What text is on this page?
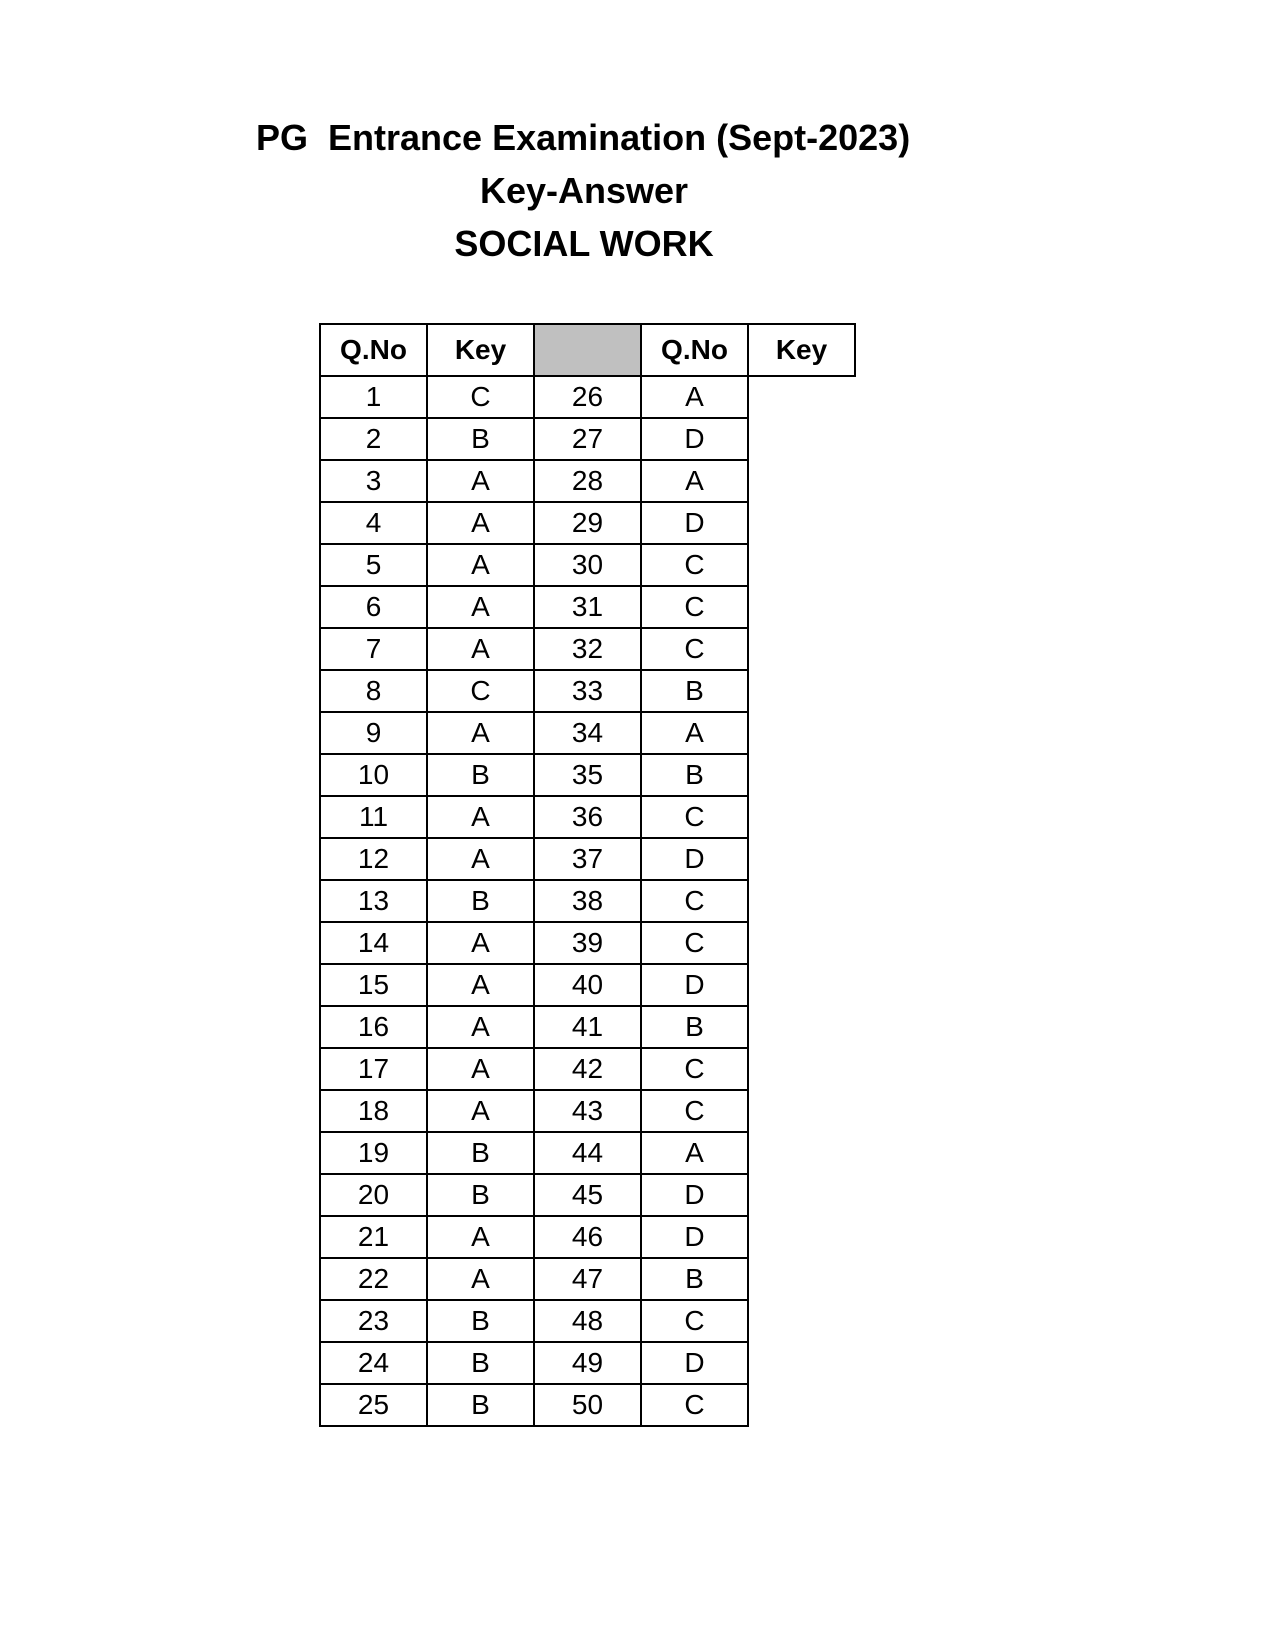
PG  Entrance Examination (Sept-2023)
Key-Answer
SOCIAL WORK
Q.No	Key		Q.No	Key
1	C	26	A	
2	B	27	D	
3	A	28	A	
4	A	29	D	
5	A	30	C	
6	A	31	C	
7	A	32	C	
8	C	33	B	
9	A	34	A	
10	B	35	B	
11	A	36	C	
12	A	37	D	
13	B	38	C	
14	A	39	C	
15	A	40	D	
16	A	41	B	
17	A	42	C	
18	A	43	C	
19	B	44	A	
20	B	45	D	
21	A	46	D	
22	A	47	B	
23	B	48	C	
24	B	49	D	
25	B	50	C	
